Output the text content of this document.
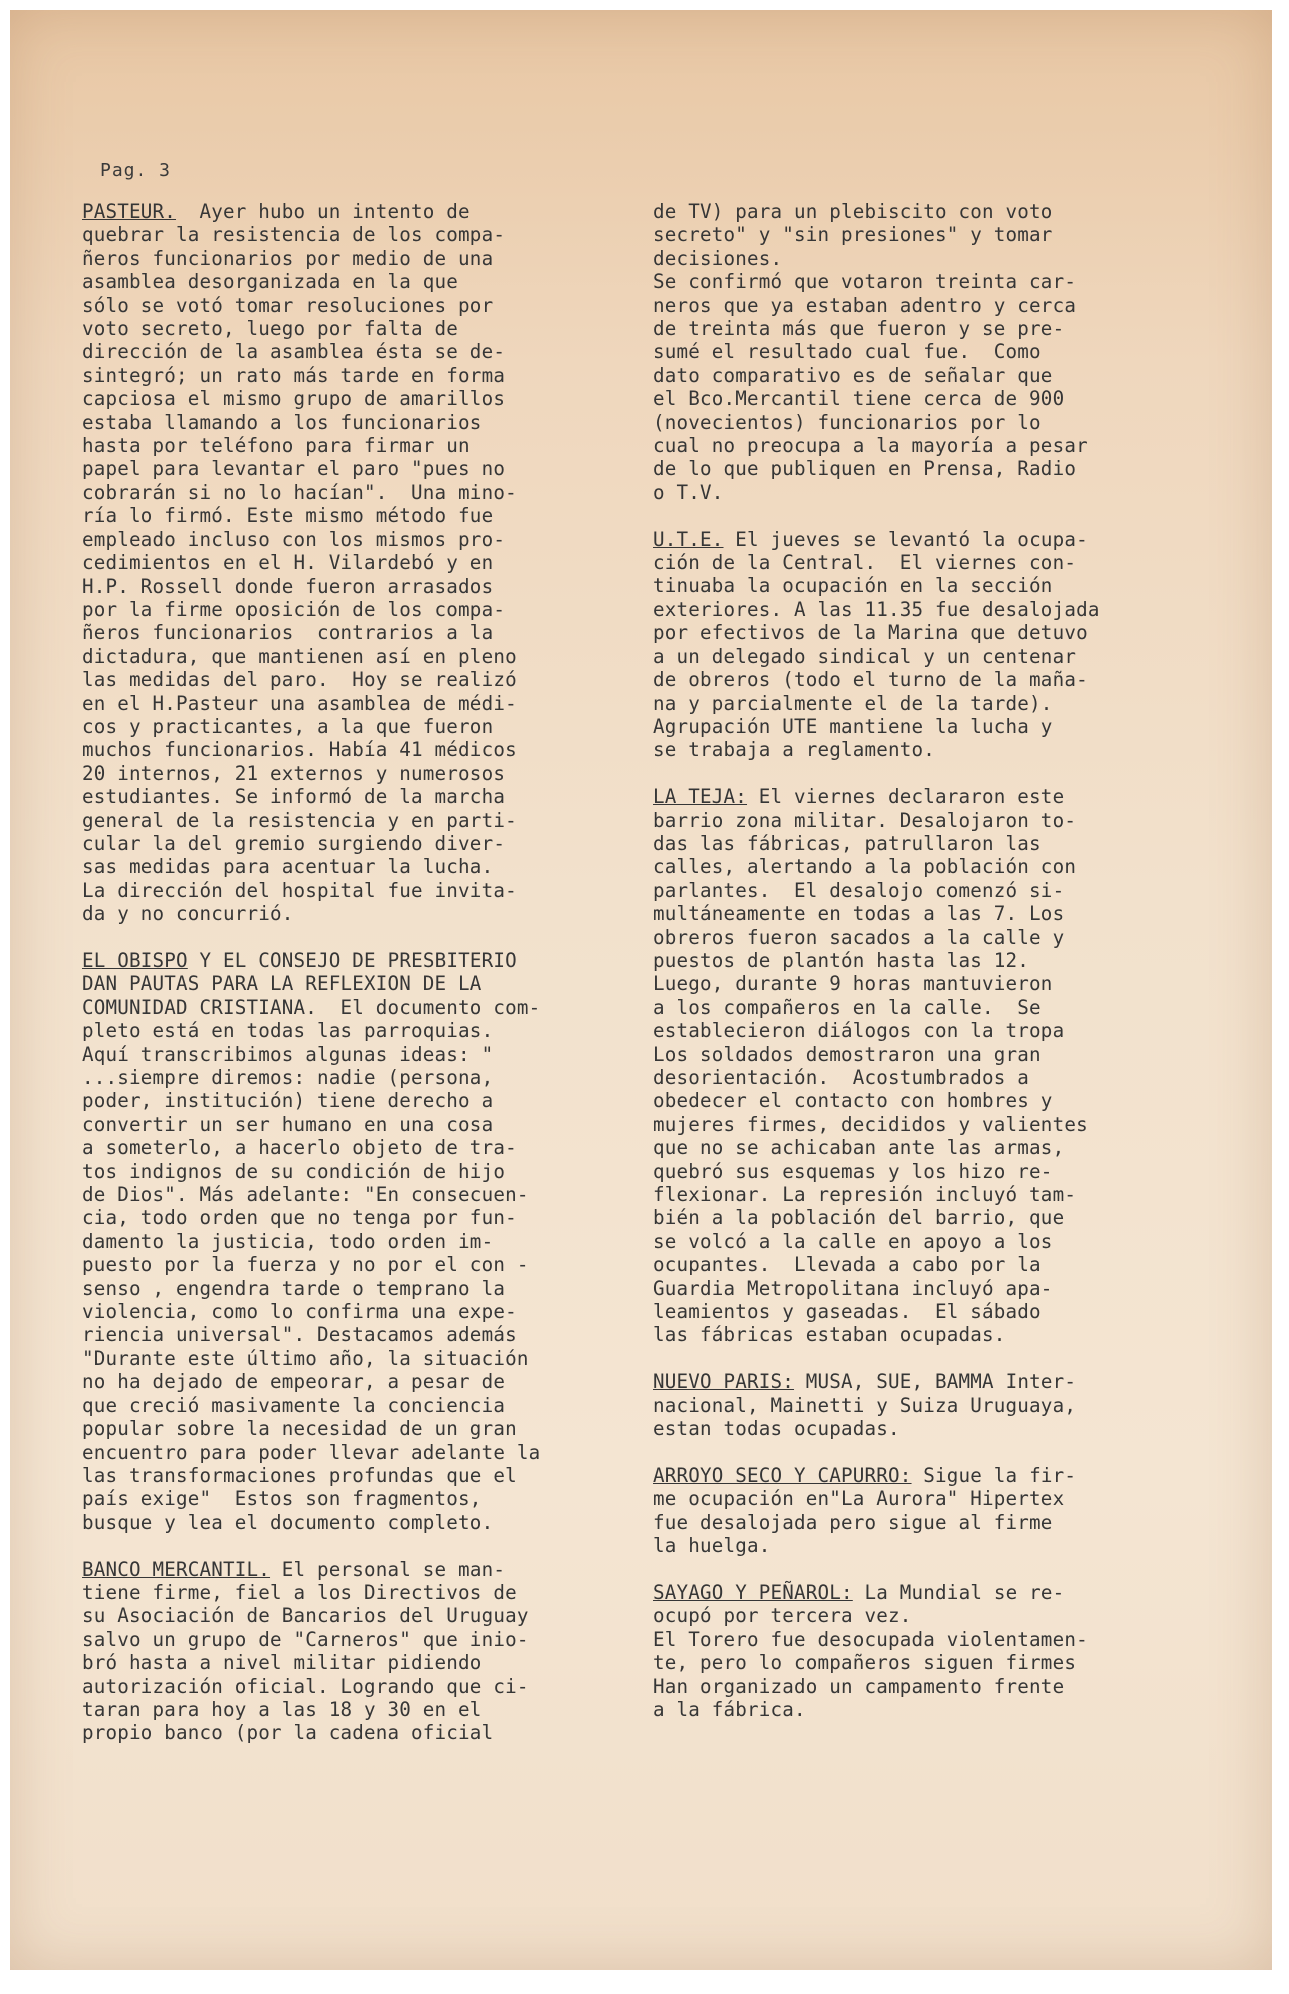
Pag. 3
PASTEUR.  Ayer hubo un intento de
quebrar la resistencia de los compa-
ñeros funcionarios por medio de una
asamblea desorganizada en la que
sólo se votó tomar resoluciones por
voto secreto, luego por falta de
dirección de la asamblea ésta se de-
sintegró; un rato más tarde en forma
capciosa el mismo grupo de amarillos
estaba llamando a los funcionarios
hasta por teléfono para firmar un
papel para levantar el paro "pues no
cobrarán si no lo hacían".  Una mino-
ría lo firmó. Este mismo método fue
empleado incluso con los mismos pro-
cedimientos en el H. Vilardebó y en
H.P. Rossell donde fueron arrasados
por la firme oposición de los compa-
ñeros funcionarios  contrarios a la
dictadura, que mantienen así en pleno
las medidas del paro.  Hoy se realizó
en el H.Pasteur una asamblea de médi-
cos y practicantes, a la que fueron
muchos funcionarios. Había 41 médicos
20 internos, 21 externos y numerosos
estudiantes. Se informó de la marcha
general de la resistencia y en parti-
cular la del gremio surgiendo diver-
sas medidas para acentuar la lucha.
La dirección del hospital fue invita-
da y no concurrió.
EL OBISPO Y EL CONSEJO DE PRESBITERIO
DAN PAUTAS PARA LA REFLEXION DE LA
COMUNIDAD CRISTIANA.  El documento com-
pleto está en todas las parroquias.
Aquí transcribimos algunas ideas: "
...siempre diremos: nadie (persona,
poder, institución) tiene derecho a
convertir un ser humano en una cosa
a someterlo, a hacerlo objeto de tra-
tos indignos de su condición de hijo
de Dios". Más adelante: "En consecuen-
cia, todo orden que no tenga por fun-
damento la justicia, todo orden im-
puesto por la fuerza y no por el con -
senso , engendra tarde o temprano la
violencia, como lo confirma una expe-
riencia universal". Destacamos además
"Durante este último año, la situación
no ha dejado de empeorar, a pesar de
que creció masivamente la conciencia
popular sobre la necesidad de un gran
encuentro para poder llevar adelante la
las transformaciones profundas que el
país exige"  Estos son fragmentos,
busque y lea el documento completo.
BANCO MERCANTIL. El personal se man-
tiene firme, fiel a los Directivos de
su Asociación de Bancarios del Uruguay
salvo un grupo de "Carneros" que inio-
bró hasta a nivel militar pidiendo
autorización oficial. Logrando que ci-
taran para hoy a las 18 y 30 en el
propio banco (por la cadena oficial
de TV) para un plebiscito con voto
secreto" y "sin presiones" y tomar
decisiones.
Se confirmó que votaron treinta car-
neros que ya estaban adentro y cerca
de treinta más que fueron y se pre-
sumé el resultado cual fue.  Como
dato comparativo es de señalar que
el Bco.Mercantil tiene cerca de 900
(novecientos) funcionarios por lo
cual no preocupa a la mayoría a pesar
de lo que publiquen en Prensa, Radio
o T.V.
U.T.E. El jueves se levantó la ocupa-
ción de la Central.  El viernes con-
tinuaba la ocupación en la sección
exteriores. A las 11.35 fue desalojada
por efectivos de la Marina que detuvo
a un delegado sindical y un centenar
de obreros (todo el turno de la maña-
na y parcialmente el de la tarde).
Agrupación UTE mantiene la lucha y
se trabaja a reglamento.
LA TEJA: El viernes declararon este
barrio zona militar. Desalojaron to-
das las fábricas, patrullaron las
calles, alertando a la población con
parlantes.  El desalojo comenzó si-
multáneamente en todas a las 7. Los
obreros fueron sacados a la calle y
puestos de plantón hasta las 12.
Luego, durante 9 horas mantuvieron
a los compañeros en la calle.  Se
establecieron diálogos con la tropa
Los soldados demostraron una gran
desorientación.  Acostumbrados a
obedecer el contacto con hombres y
mujeres firmes, decididos y valientes
que no se achicaban ante las armas,
quebró sus esquemas y los hizo re-
flexionar. La represión incluyó tam-
bién a la población del barrio, que
se volcó a la calle en apoyo a los
ocupantes.  Llevada a cabo por la
Guardia Metropolitana incluyó apa-
leamientos y gaseadas.  El sábado
las fábricas estaban ocupadas.
NUEVO PARIS: MUSA, SUE, BAMMA Inter-
nacional, Mainetti y Suiza Uruguaya,
estan todas ocupadas.
ARROYO SECO Y CAPURRO: Sigue la fir-
me ocupación en"La Aurora" Hipertex
fue desalojada pero sigue al firme
la huelga.
SAYAGO Y PEÑAROL: La Mundial se re-
ocupó por tercera vez.
El Torero fue desocupada violentamen-
te, pero lo compañeros siguen firmes
Han organizado un campamento frente
a la fábrica.
